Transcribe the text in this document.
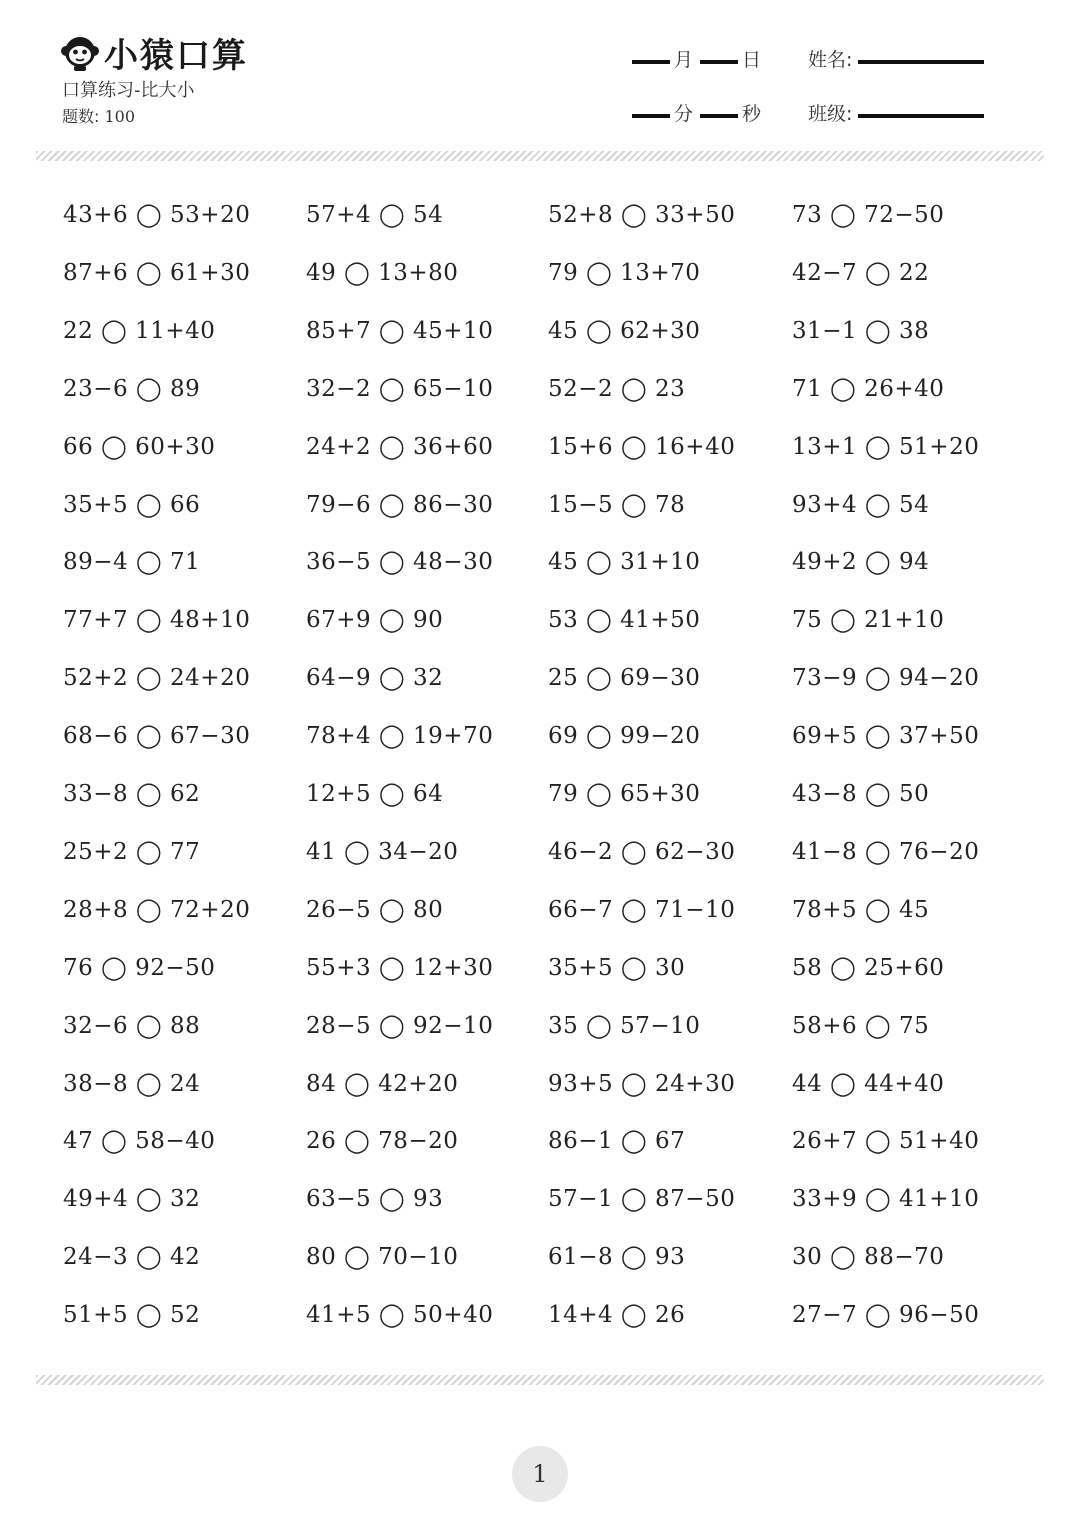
小猿口算
口算练习-比大小
题数: 100
月	日 姓名:
分	秒 班级:
43+6 ◯ 53+20 57+4 ◯ 54	52+8 ◯ 33+50 73 ◯ 72−50
87+6 ◯ 61+30 49 ◯ 13+80	79 ◯ 13+70	42−7 ◯ 22
22 ◯ 11+40	85+7 ◯ 45+10 45 ◯ 62+30	31−1 ◯ 38
23−6 ◯ 89	32−2 ◯ 65−10 52−2 ◯ 23	71 ◯ 26+40
66 ◯ 60+30	24+2 ◯ 36+60 15+6 ◯ 16+40 13+1 ◯ 51+20
35+5 ◯ 66	79−6 ◯ 86−30 15−5 ◯ 78	93+4 ◯ 54
89−4 ◯ 71	36−5 ◯ 48−30 45 ◯ 31+10	49+2 ◯ 94
77+7 ◯ 48+10 67+9 ◯ 90	53 ◯ 41+50	75 ◯ 21+10
52+2 ◯ 24+20 64−9 ◯ 32	25 ◯ 69−30	73−9 ◯ 94−20
68−6 ◯ 67−30 78+4 ◯ 19+70 69 ◯ 99−20	69+5 ◯ 37+50
33−8 ◯ 62	12+5 ◯ 64	79 ◯ 65+30	43−8 ◯ 50
25+2 ◯ 77	41 ◯ 34−20	46−2 ◯ 62−30 41−8 ◯ 76−20
28+8 ◯ 72+20 26−5 ◯ 80	66−7 ◯ 71−10 78+5 ◯ 45
76 ◯ 92−50	55+3 ◯ 12+30 35+5 ◯ 30	58 ◯ 25+60
32−6 ◯ 88	28−5 ◯ 92−10 35 ◯ 57−10	58+6 ◯ 75
38−8 ◯ 24	84 ◯ 42+20	93+5 ◯ 24+30 44 ◯ 44+40
47 ◯ 58−40	26 ◯ 78−20	86−1 ◯ 67	26+7 ◯ 51+40
49+4 ◯ 32	63−5 ◯ 93	57−1 ◯ 87−50 33+9 ◯ 41+10
24−3 ◯ 42	80 ◯ 70−10	61−8 ◯ 93	30 ◯ 88−70
51+5 ◯ 52	41+5 ◯ 50+40 14+4 ◯ 26	27−7 ◯ 96−50
1
